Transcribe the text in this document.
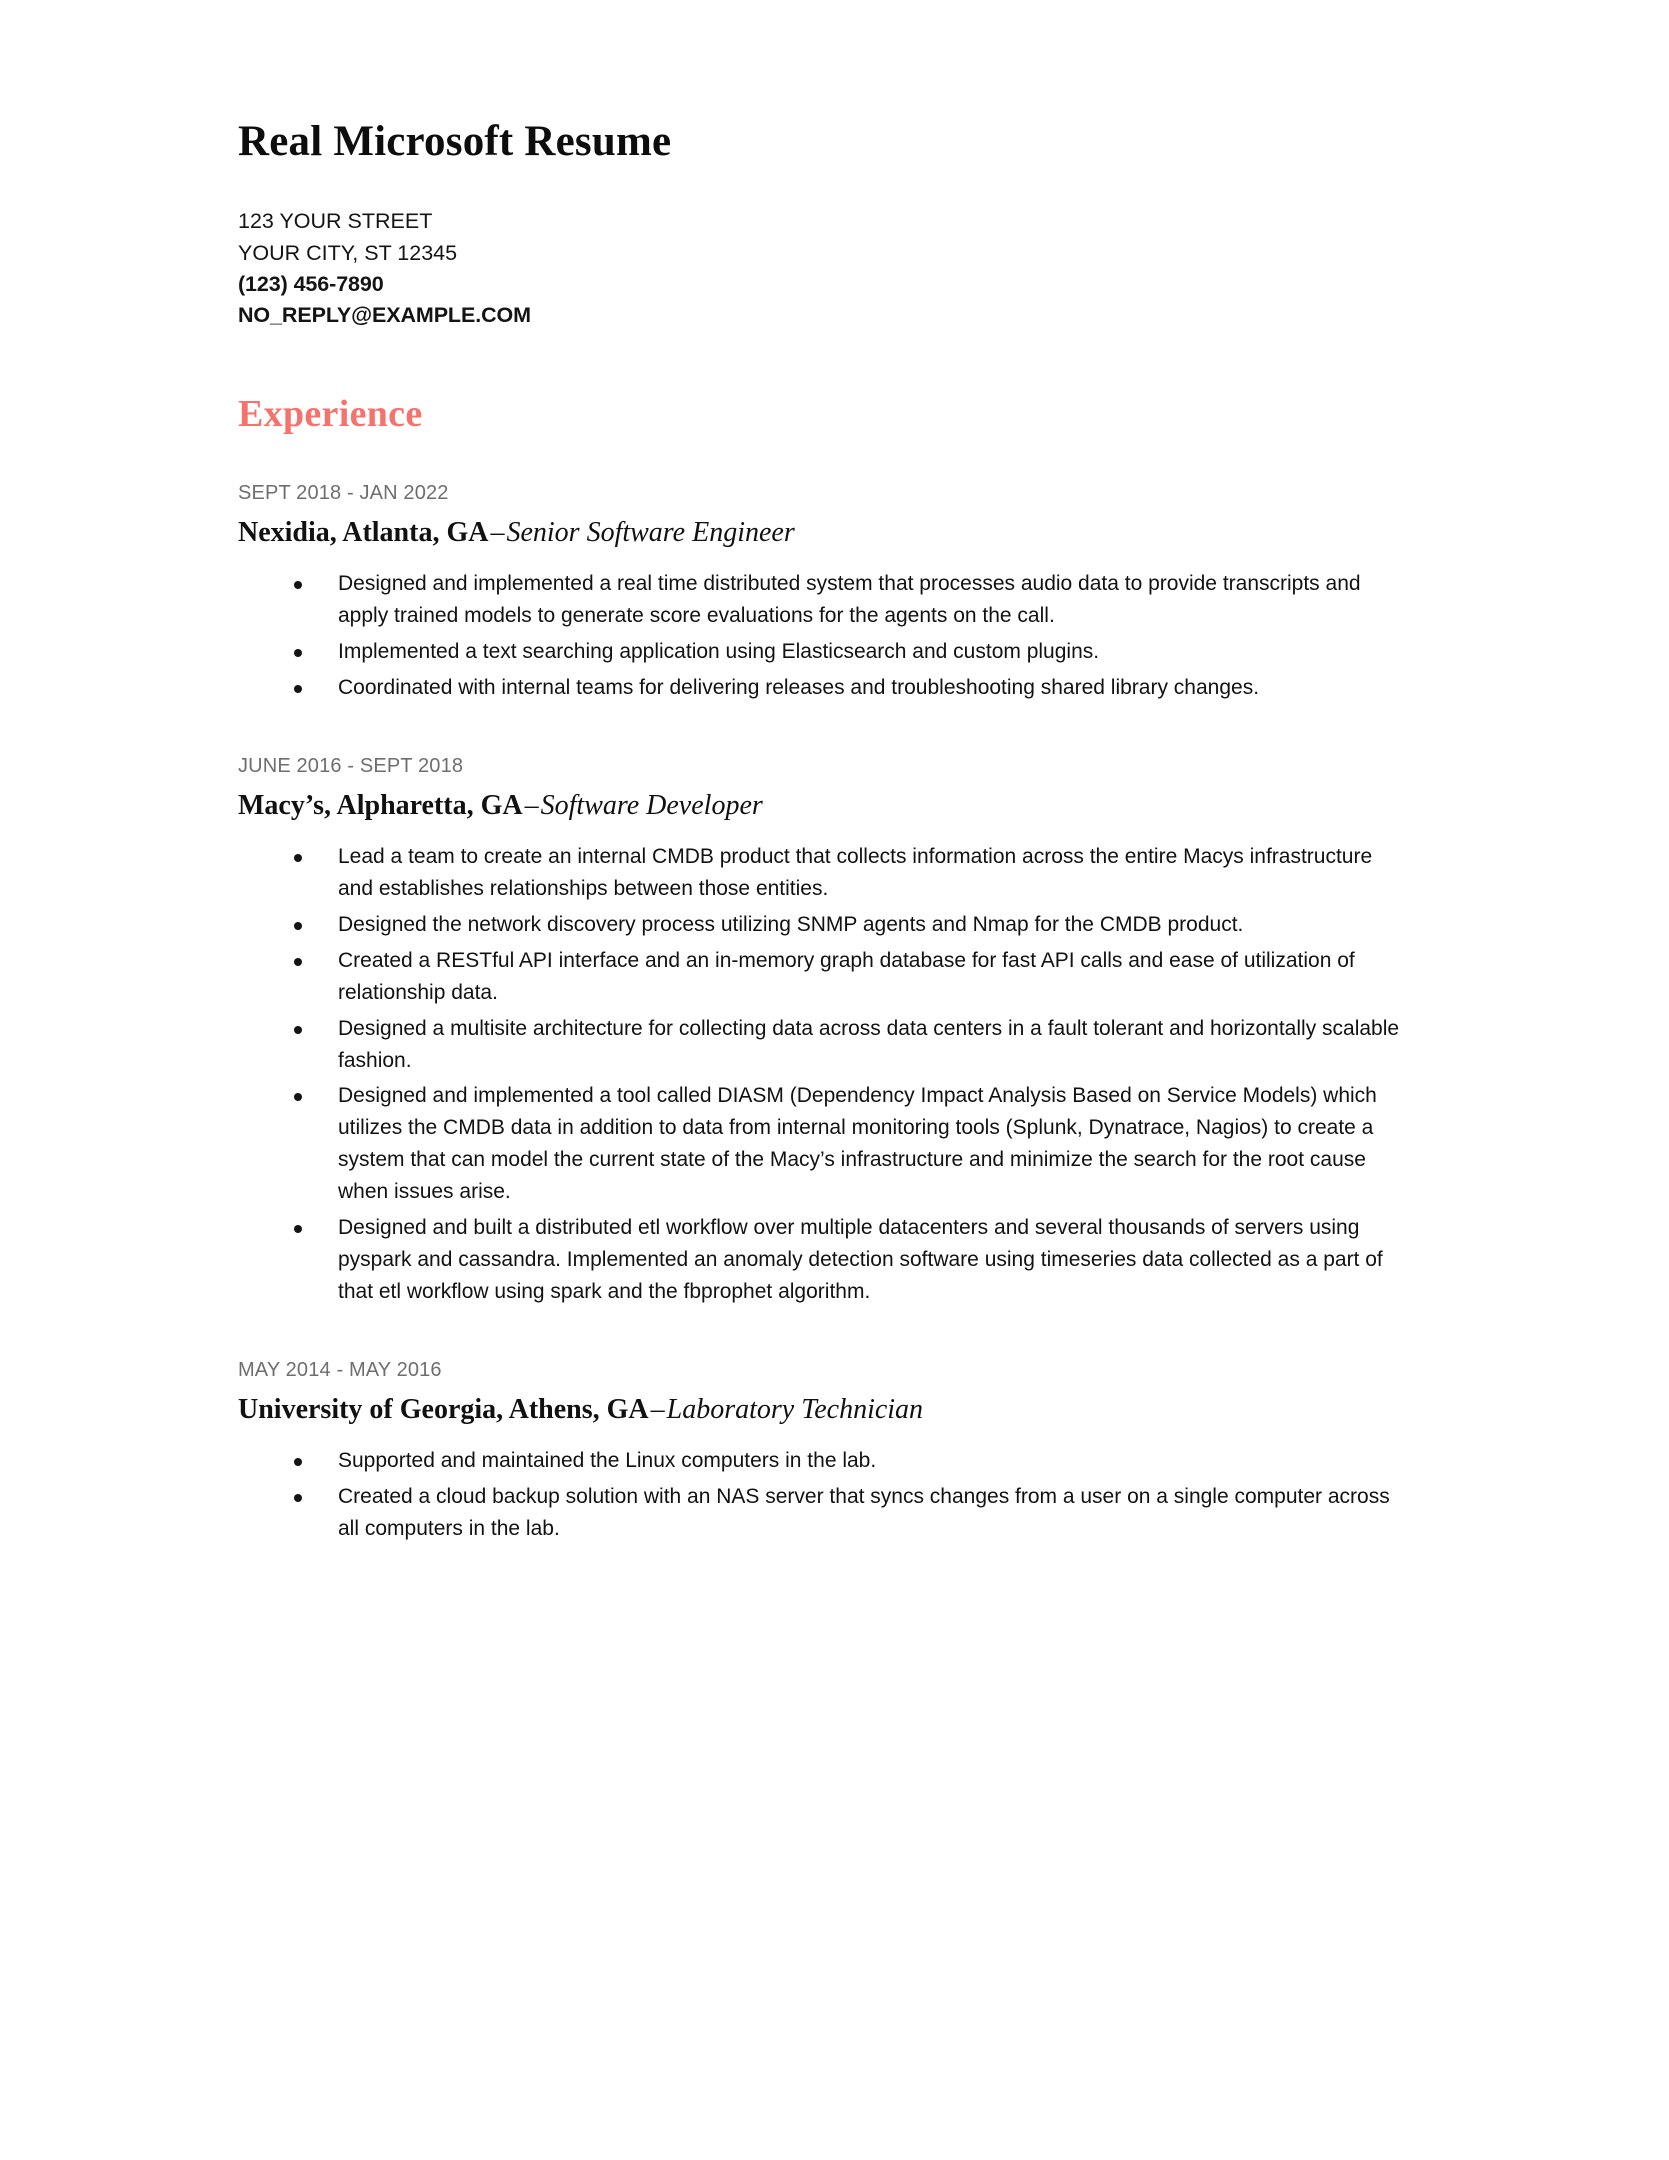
Real Microsoft Resume
123 YOUR STREET
YOUR CITY, ST 12345
(123) 456-7890
NO_REPLY@EXAMPLE.COM
Experience
SEPT 2018 - JAN 2022
Nexidia, Atlanta, GA–Senior Software Engineer
Designed and implemented a real time distributed system that processes audio data to provide transcripts and apply trained models to generate score evaluations for the agents on the call.
Implemented a text searching application using Elasticsearch and custom plugins.
Coordinated with internal teams for delivering releases and troubleshooting shared library changes.
JUNE 2016 - SEPT 2018
Macy’s, Alpharetta, GA–Software Developer
Lead a team to create an internal CMDB product that collects information across the entire Macys infrastructure and establishes relationships between those entities.
Designed the network discovery process utilizing SNMP agents and Nmap for the CMDB product.
Created a RESTful API interface and an in-memory graph database for fast API calls and ease of utilization of relationship data.
Designed a multisite architecture for collecting data across data centers in a fault tolerant and horizontally scalable fashion.
Designed and implemented a tool called DIASM (Dependency Impact Analysis Based on Service Models) which utilizes the CMDB data in addition to data from internal monitoring tools (Splunk, Dynatrace, Nagios) to create a system that can model the current state of the Macy’s infrastructure and minimize the search for the root cause when issues arise.
Designed and built a distributed etl workflow over multiple datacenters and several thousands of servers using pyspark and cassandra. Implemented an anomaly detection software using timeseries data collected as a part of that etl workflow using spark and the fbprophet algorithm.
MAY 2014 - MAY 2016
University of Georgia, Athens, GA–Laboratory Technician
Supported and maintained the Linux computers in the lab.
Created a cloud backup solution with an NAS server that syncs changes from a user on a single computer across all computers in the lab.
